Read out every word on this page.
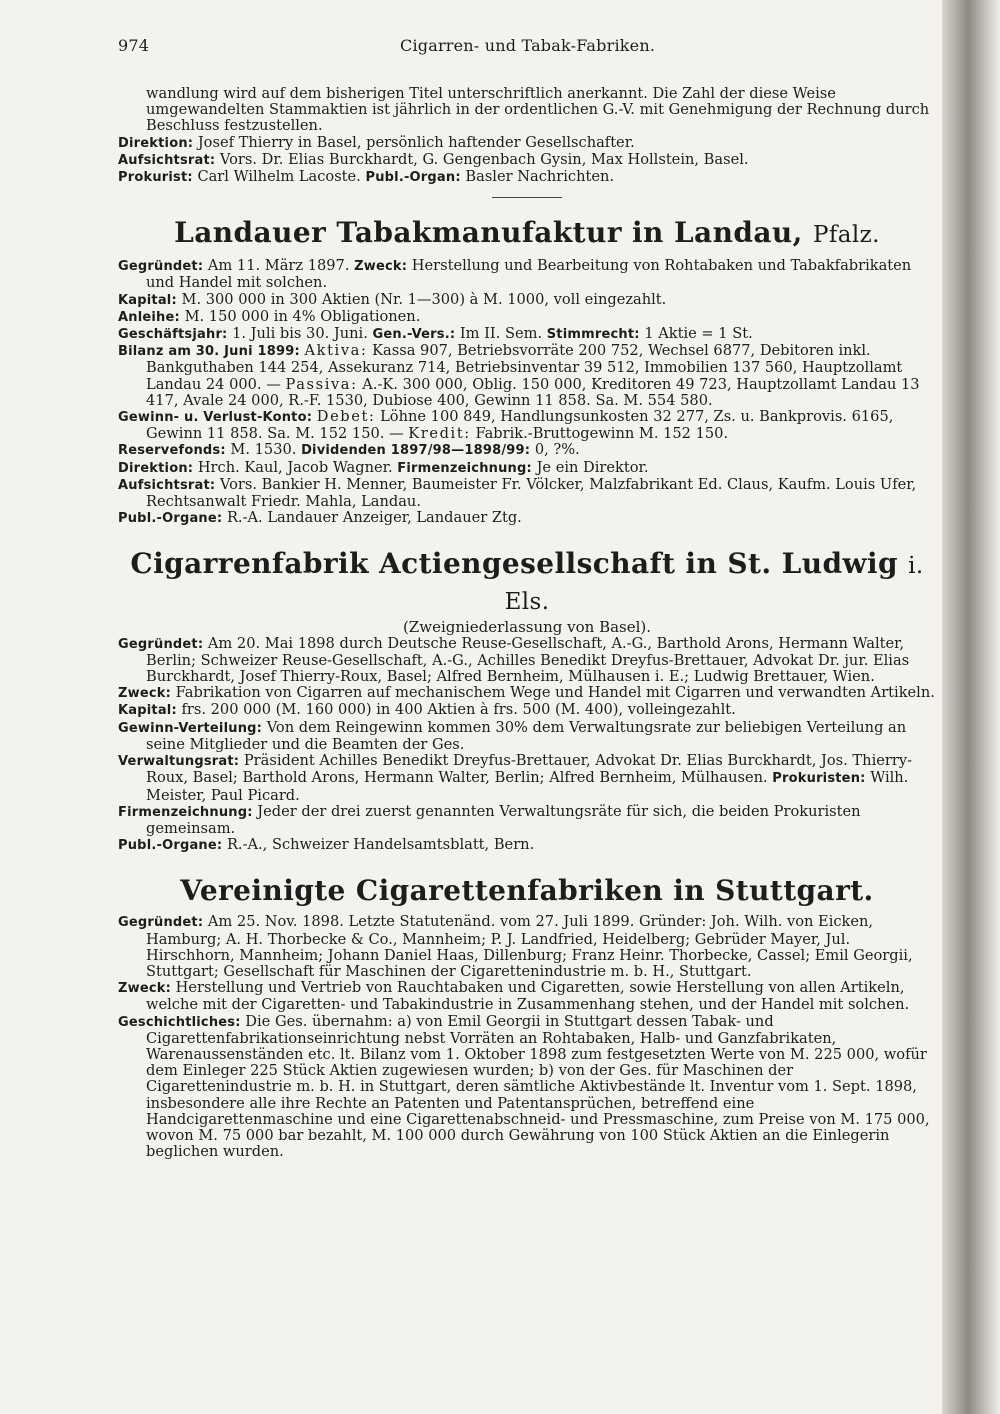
974	Cigarren- und Tabak-Fabriken.

wandlung wird auf dem bisherigen Titel unterschriftlich anerkannt. Die Zahl der diese Weise umgewandelten Stammaktien ist jährlich in der ordentlichen G.-V. mit Genehmigung der Rechnung durch Beschluss festzustellen.

Direktion: Josef Thierry in Basel, persönlich haftender Gesellschafter.

Aufsichtsrat: Vors. Dr. Elias Burckhardt, G. Gengenbach Gysin, Max Hollstein, Basel.

Prokurist: Carl Wilhelm Lacoste. Publ.-Organ: Basler Nachrichten.

Landauer Tabakmanufaktur in Landau, Pfalz.

Gegründet: Am 11. März 1897. Zweck: Herstellung und Bearbeitung von Rohtabaken und Tabakfabrikaten und Handel mit solchen.

Kapital: M. 300 000 in 300 Aktien (Nr. 1—300) à M. 1000, voll eingezahlt.

Anleihe: M. 150 000 in 4% Obligationen.

Geschäftsjahr: 1. Juli bis 30. Juni. Gen.-Vers.: Im II. Sem. Stimmrecht: 1 Aktie = 1 St.

Bilanz am 30. Juni 1899: Aktiva: Kassa 907, Betriebsvorräte 200 752, Wechsel 6877, Debitoren inkl. Bankguthaben 144 254, Assekuranz 714, Betriebsinventar 39 512, Immobilien 137 560, Hauptzollamt Landau 24 000. — Passiva: A.-K. 300 000, Oblig. 150 000, Kreditoren 49 723, Hauptzollamt Landau 13 417, Avale 24 000, R.-F. 1530, Dubiose 400, Gewinn 11 858. Sa. M. 554 580.

Gewinn- u. Verlust-Konto: Debet: Löhne 100 849, Handlungsunkosten 32 277, Zs. u. Bankprovis. 6165, Gewinn 11 858. Sa. M. 152 150. — Kredit: Fabrik.-Bruttogewinn M. 152 150.

Reservefonds: M. 1530. Dividenden 1897/98—1898/99: 0, ?%.

Direktion: Hrch. Kaul, Jacob Wagner. Firmenzeichnung: Je ein Direktor.

Aufsichtsrat: Vors. Bankier H. Menner, Baumeister Fr. Völcker, Malzfabrikant Ed. Claus, Kaufm. Louis Ufer, Rechtsanwalt Friedr. Mahla, Landau.

Publ.-Organe: R.-A. Landauer Anzeiger, Landauer Ztg.

Cigarrenfabrik Actiengesellschaft in St. Ludwig i. Els.

(Zweigniederlassung von Basel).

Gegründet: Am 20. Mai 1898 durch Deutsche Reuse-Gesellschaft, A.-G., Barthold Arons, Hermann Walter, Berlin; Schweizer Reuse-Gesellschaft, A.-G., Achilles Benedikt Dreyfus-Brettauer, Advokat Dr. jur. Elias Burckhardt, Josef Thierry-Roux, Basel; Alfred Bernheim, Mülhausen i. E.; Ludwig Brettauer, Wien.

Zweck: Fabrikation von Cigarren auf mechanischem Wege und Handel mit Cigarren und verwandten Artikeln.

Kapital: frs. 200 000 (M. 160 000) in 400 Aktien à frs. 500 (M. 400), volleingezahlt.

Gewinn-Verteilung: Von dem Reingewinn kommen 30% dem Verwaltungsrate zur beliebigen Verteilung an seine Mitglieder und die Beamten der Ges.

Verwaltungsrat: Präsident Achilles Benedikt Dreyfus-Brettauer, Advokat Dr. Elias Burckhardt, Jos. Thierry-Roux, Basel; Barthold Arons, Hermann Walter, Berlin; Alfred Bernheim, Mülhausen. Prokuristen: Wilh. Meister, Paul Picard.

Firmenzeichnung: Jeder der drei zuerst genannten Verwaltungsräte für sich, die beiden Prokuristen gemeinsam.

Publ.-Organe: R.-A., Schweizer Handelsamtsblatt, Bern.

Vereinigte Cigarettenfabriken in Stuttgart.

Gegründet: Am 25. Nov. 1898. Letzte Statutenänd. vom 27. Juli 1899. Gründer: Joh. Wilh. von Eicken, Hamburg; A. H. Thorbecke & Co., Mannheim; P. J. Landfried, Heidelberg; Gebrüder Mayer, Jul. Hirschhorn, Mannheim; Johann Daniel Haas, Dillenburg; Franz Heinr. Thorbecke, Cassel; Emil Georgii, Stuttgart; Gesellschaft für Maschinen der Cigarettenindustrie m. b. H., Stuttgart.

Zweck: Herstellung und Vertrieb von Rauchtabaken und Cigaretten, sowie Herstellung von allen Artikeln, welche mit der Cigaretten- und Tabakindustrie in Zusammenhang stehen, und der Handel mit solchen.

Geschichtliches: Die Ges. übernahm: a) von Emil Georgii in Stuttgart dessen Tabak- und Cigarettenfabrikationseinrichtung nebst Vorräten an Rohtabaken, Halb- und Ganzfabrikaten, Warenaussenständen etc. lt. Bilanz vom 1. Oktober 1898 zum festgesetzten Werte von M. 225 000, wofür dem Einleger 225 Stück Aktien zugewiesen wurden; b) von der Ges. für Maschinen der Cigarettenindustrie m. b. H. in Stuttgart, deren sämtliche Aktivbestände lt. Inventur vom 1. Sept. 1898, insbesondere alle ihre Rechte an Patenten und Patentansprüchen, betreffend eine Handcigarettenmaschine und eine Cigarettenabschneid- und Pressmaschine, zum Preise von M. 175 000, wovon M. 75 000 bar bezahlt, M. 100 000 durch Gewährung von 100 Stück Aktien an die Einlegerin beglichen wurden.
